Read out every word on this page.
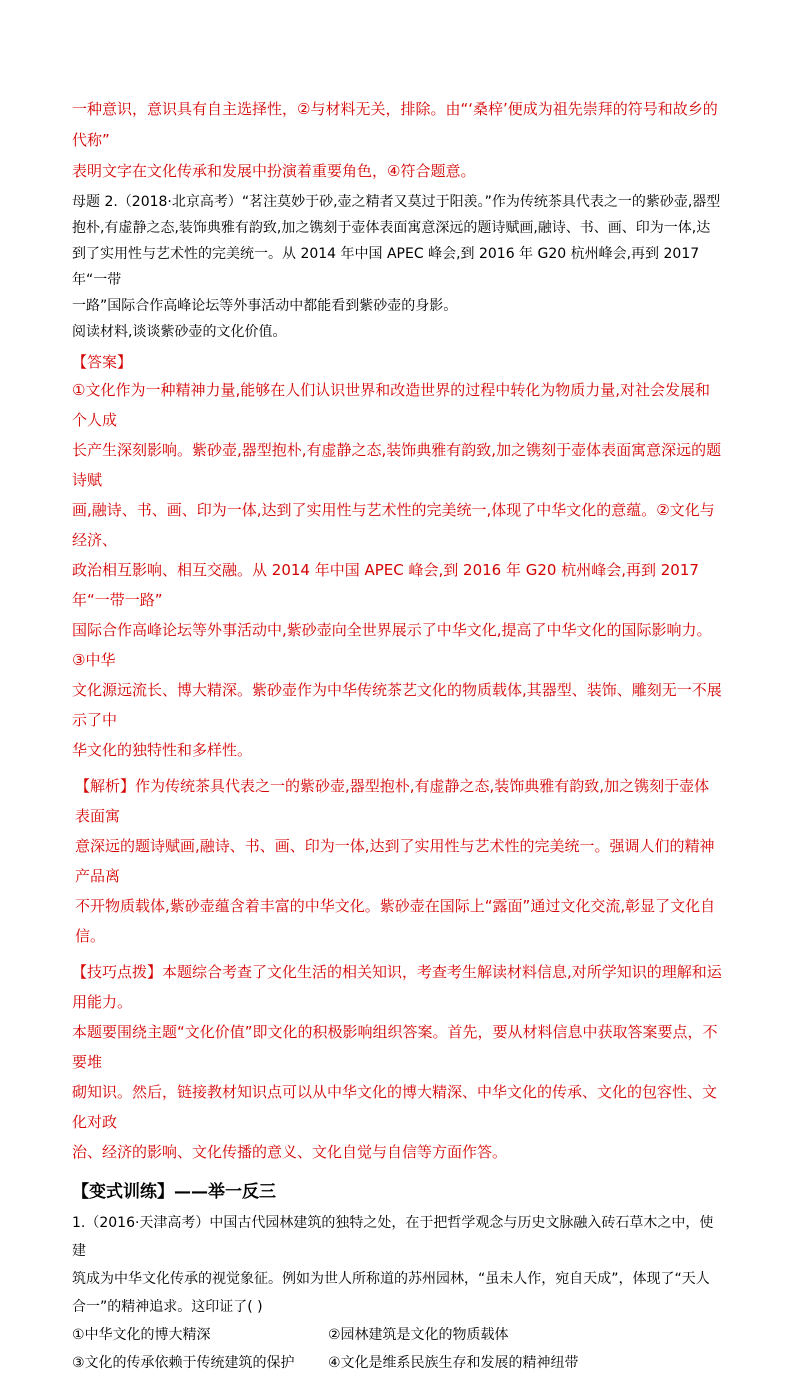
一种意识，意识具有自主选择性，②与材料无关，排除。由“‘桑梓’便成为祖先崇拜的符号和故乡的代称”

表明文字在文化传承和发展中扮演着重要角色，④符合题意。

母题 2.（2018·北京高考）“茗注莫妙于砂,壶之精者又莫过于阳羡。”作为传统茶具代表之一的紫砂壶,器型

抱朴,有虚静之态,装饰典雅有韵致,加之镌刻于壶体表面寓意深远的题诗赋画,融诗、书、画、印为一体,达

到了实用性与艺术性的完美统一。从 2014 年中国 APEC 峰会,到 2016 年 G20 杭州峰会,再到 2017 年“一带

一路”国际合作高峰论坛等外事活动中都能看到紫砂壶的身影。

阅读材料,谈谈紫砂壶的文化价值。

【答案】

①文化作为一种精神力量,能够在人们认识世界和改造世界的过程中转化为物质力量,对社会发展和个人成

长产生深刻影响。紫砂壶,器型抱朴,有虚静之态,装饰典雅有韵致,加之镌刻于壶体表面寓意深远的题诗赋

画,融诗、书、画、印为一体,达到了实用性与艺术性的完美统一,体现了中华文化的意蕴。②文化与经济、

政治相互影响、相互交融。从 2014 年中国 APEC 峰会,到 2016 年 G20 杭州峰会,再到 2017 年“一带一路”

国际合作高峰论坛等外事活动中,紫砂壶向全世界展示了中华文化,提高了中华文化的国际影响力。③中华

文化源远流长、博大精深。紫砂壶作为中华传统茶艺文化的物质载体,其器型、装饰、雕刻无一不展示了中

华文化的独特性和多样性。

【解析】作为传统茶具代表之一的紫砂壶,器型抱朴,有虚静之态,装饰典雅有韵致,加之镌刻于壶体表面寓

意深远的题诗赋画,融诗、书、画、印为一体,达到了实用性与艺术性的完美统一。强调人们的精神产品离

不开物质载体,紫砂壶蕴含着丰富的中华文化。紫砂壶在国际上“露面”通过文化交流,彰显了文化自信。

【技巧点拨】本题综合考查了文化生活的相关知识，考查考生解读材料信息,对所学知识的理解和运用能力。

本题要围绕主题“文化价值”即文化的积极影响组织答案。首先，要从材料信息中获取答案要点，不要堆

砌知识。然后，链接教材知识点可以从中华文化的博大精深、中华文化的传承、文化的包容性、文化对政

治、经济的影响、文化传播的意义、文化自觉与自信等方面作答。

【变式训练】——举一反三

1.（2016·天津高考）中国古代园林建筑的独特之处，在于把哲学观念与历史文脉融入砖石草木之中，使建

筑成为中华文化传承的视觉象征。例如为世人所称道的苏州园林，“虽未人作，宛自天成”，体现了“天人

合一”的精神追求。这印证了( )

①中华文化的博大精深	②园林建筑是文化的物质载体

③文化的传承依赖于传统建筑的保护	④文化是维系民族生存和发展的精神纽带
